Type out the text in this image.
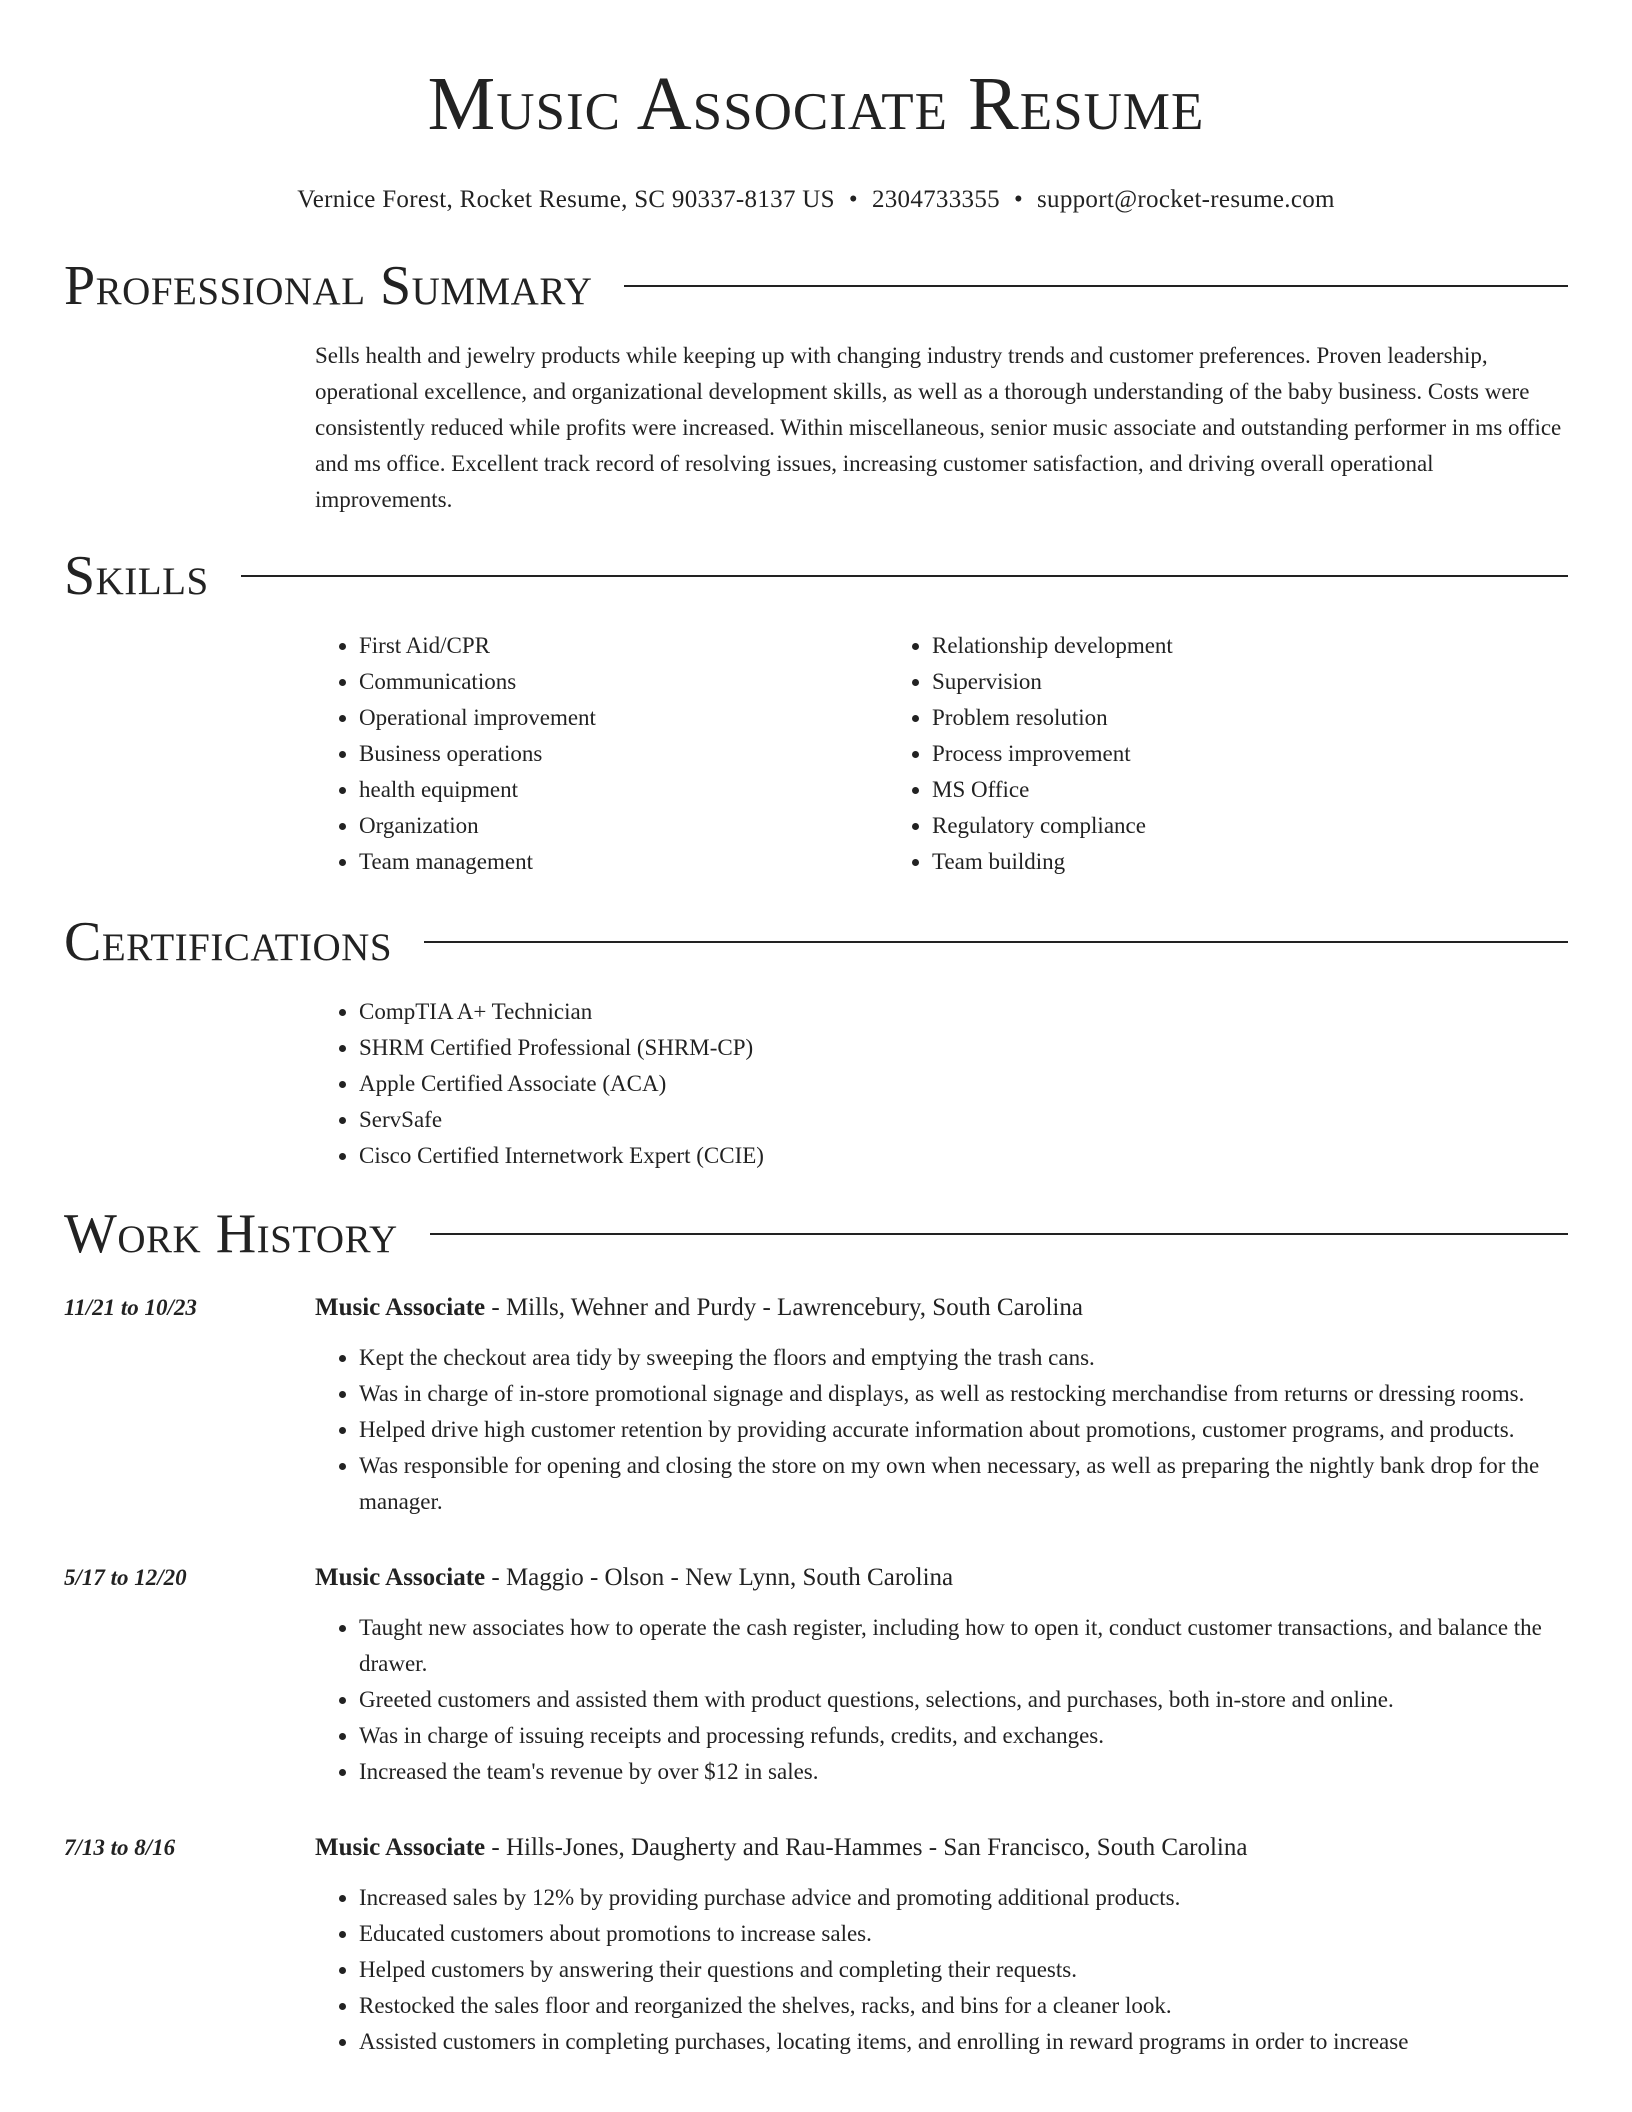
Music Associate Resume
Vernice Forest, Rocket Resume, SC 90337-8137 US • 2304733355 • support@rocket-resume.com
Professional Summary

Sells health and jewelry products while keeping up with changing industry trends and customer preferences. Proven leadership, operational excellence, and organizational development skills, as well as a thorough understanding of the baby business. Costs were consistently reduced while profits were increased. Within miscellaneous, senior music associate and outstanding performer in ms office and ms office. Excellent track record of resolving issues, increasing customer satisfaction, and driving overall operational improvements.

Skills
• First Aid/CPR
• Communications
• Operational improvement
• Business operations
• health equipment
• Organization
• Team management
• Relationship development
• Supervision
• Problem resolution
• Process improvement
• MS Office
• Regulatory compliance
• Team building
Certifications
• CompTIA A+ Technician
• SHRM Certified Professional (SHRM-CP)
• Apple Certified Associate (ACA)
• ServSafe
• Cisco Certified Internetwork Expert (CCIE)
Work History
11/21 to 10/23	Music Associate - Mills, Wehner and Purdy - Lawrencebury, South Carolina
• Kept the checkout area tidy by sweeping the floors and emptying the trash cans.
• Was in charge of in-store promotional signage and displays, as well as restocking merchandise from returns or dressing rooms.
• Helped drive high customer retention by providing accurate information about promotions, customer programs, and products.
• Was responsible for opening and closing the store on my own when necessary, as well as preparing the nightly bank drop for the manager.
5/17 to 12/20	Music Associate - Maggio - Olson - New Lynn, South Carolina
• Taught new associates how to operate the cash register, including how to open it, conduct customer transactions, and balance the drawer.
• Greeted customers and assisted them with product questions, selections, and purchases, both in-store and online.
• Was in charge of issuing receipts and processing refunds, credits, and exchanges.
• Increased the team's revenue by over $12 in sales.
7/13 to 8/16	Music Associate - Hills-Jones, Daugherty and Rau-Hammes - San Francisco, South Carolina
• Increased sales by 12% by providing purchase advice and promoting additional products.
• Educated customers about promotions to increase sales.
• Helped customers by answering their questions and completing their requests.
• Restocked the sales floor and reorganized the shelves, racks, and bins for a cleaner look.
• Assisted customers in completing purchases, locating items, and enrolling in reward programs in order to increase
